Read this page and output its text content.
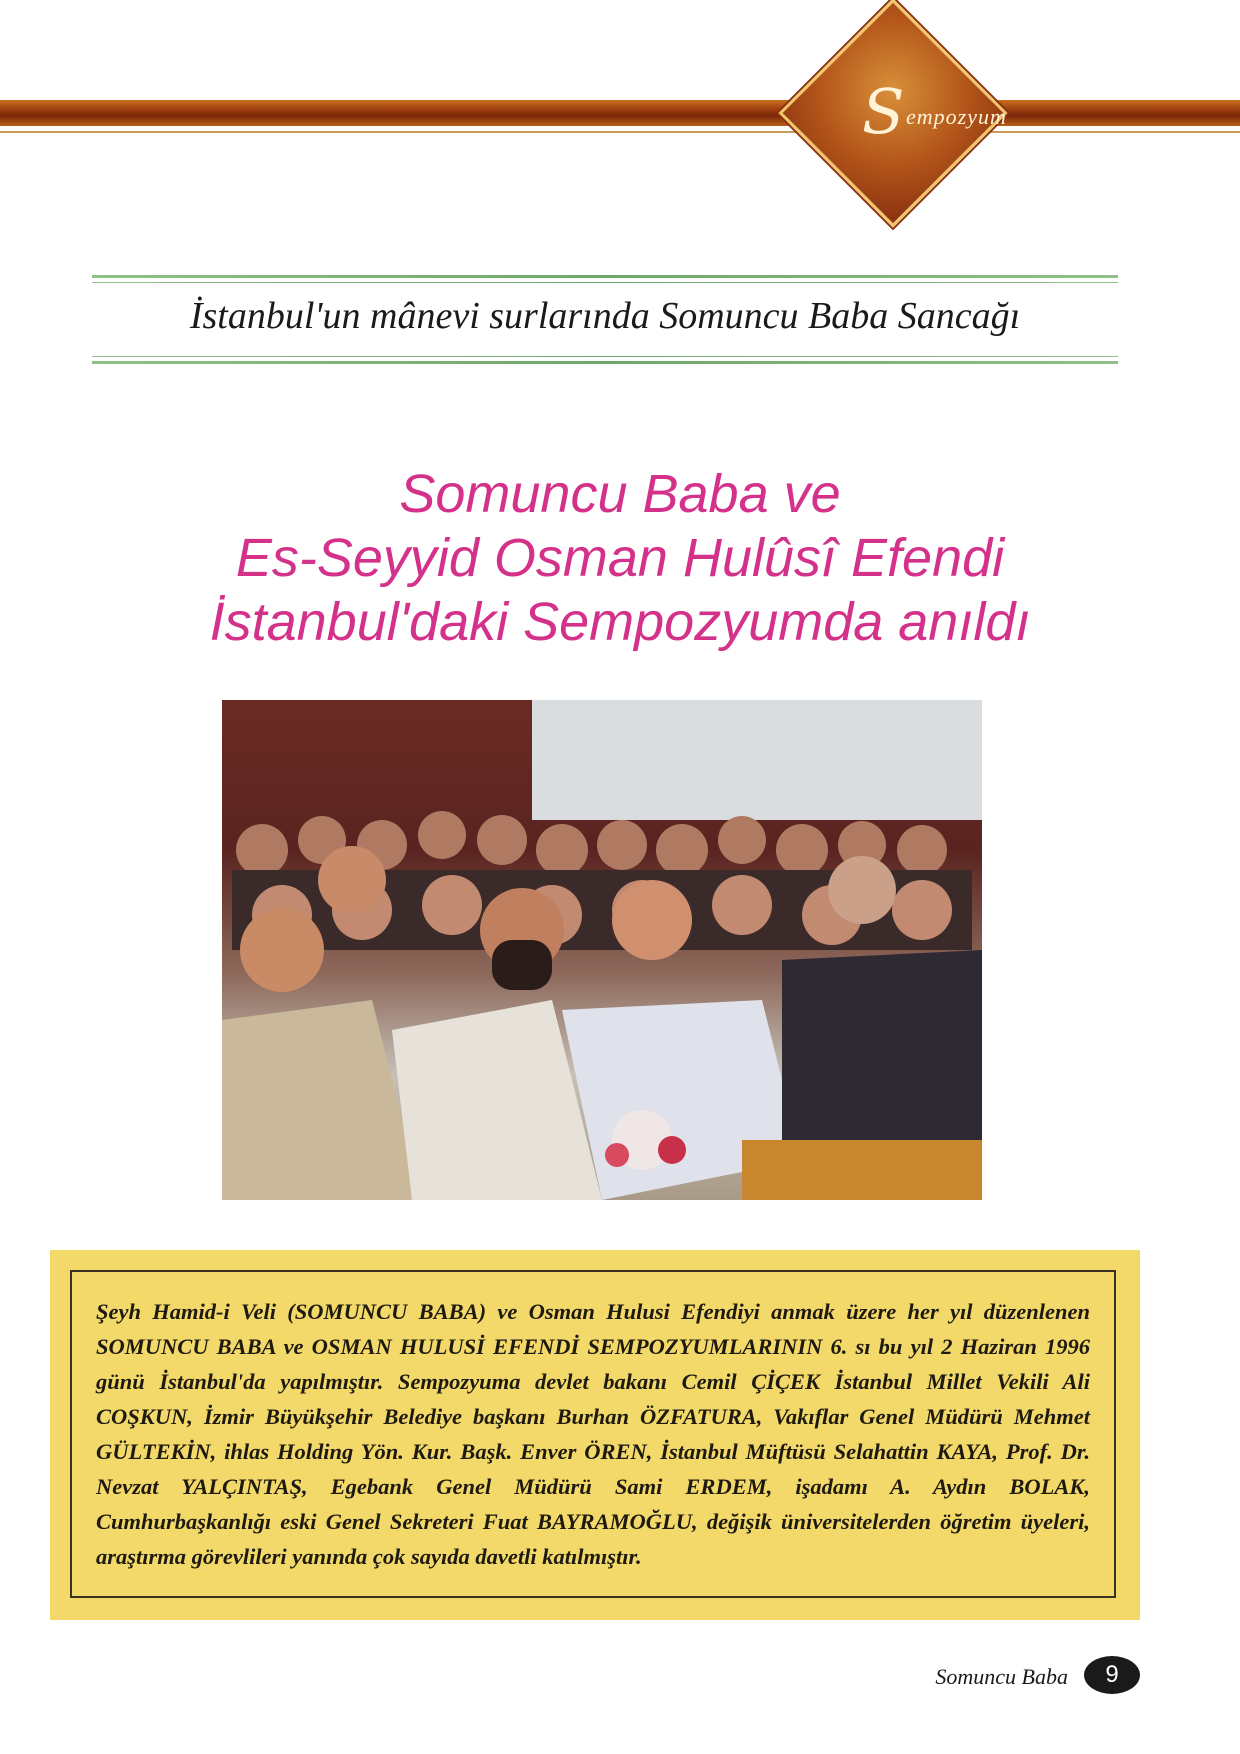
S empozyum
İstanbul'un mânevi surlarında Somuncu Baba Sancağı
Somuncu Baba ve
Es-Seyyid Osman Hulûsî Efendi
İstanbul'daki Sempozyumda anıldı
Şeyh Hamid-i Veli (SOMUNCU BABA) ve Osman Hulusi Efendiyi anmak üzere her yıl düzenlenen SOMUNCU BABA ve OSMAN HULUSİ EFENDİ SEMPOZYUMLARININ 6. sı bu yıl 2 Haziran 1996 günü İstanbul'da yapılmıştır. Sempozyuma devlet bakanı Cemil ÇİÇEK İstanbul Millet Vekili Ali COŞKUN, İzmir Büyükşehir Belediye başkanı Burhan ÖZFATURA, Vakıflar Genel Müdürü Mehmet GÜLTEKİN, ihlas Holding Yön. Kur. Başk. Enver ÖREN, İstanbul Müftüsü Selahattin KAYA, Prof. Dr. Nevzat YALÇINTAŞ, Egebank Genel Müdürü Sami ERDEM, işadamı A. Aydın BOLAK, Cumhurbaşkanlığı eski Genel Sekreteri Fuat BAYRAMOĞLU, değişik üniversitelerden öğretim üyeleri, araştırma görevlileri yanında çok sayıda davetli katılmıştır.
Somuncu Baba	9
